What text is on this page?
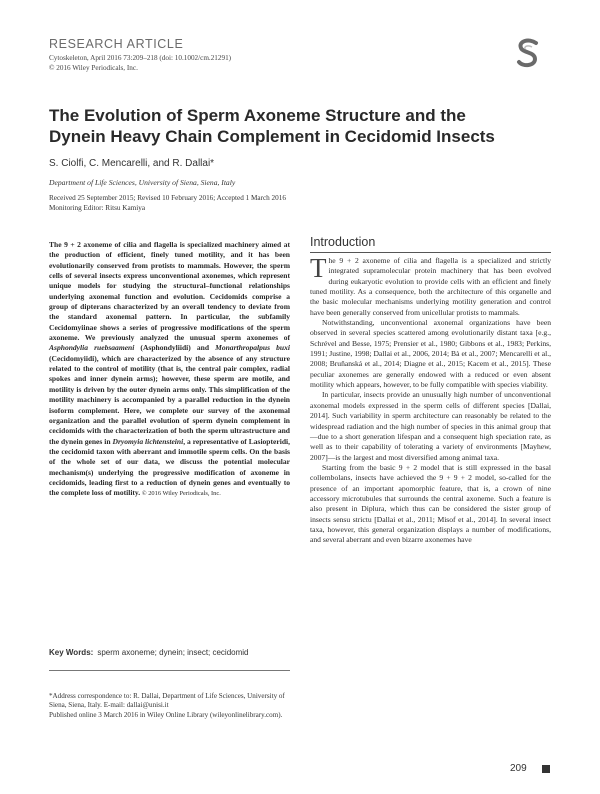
RESEARCH ARTICLE
Cytoskeleton, April 2016 73:209–218 (doi: 10.1002/cm.21291)
© 2016 Wiley Periodicals, Inc.
The Evolution of Sperm Axoneme Structure and the Dynein Heavy Chain Complement in Cecidomid Insects
S. Ciolfi, C. Mencarelli, and R. Dallai*
Department of Life Sciences, University of Siena, Siena, Italy
Received 25 September 2015; Revised 10 February 2016; Accepted 1 March 2016
Monitoring Editor: Ritsu Kamiya
The 9 + 2 axoneme of cilia and flagella is specialized machinery aimed at the production of efficient, finely tuned motility, and it has been evolutionarily conserved from protists to mammals. However, the sperm cells of several insects express unconventional axonemes, which represent unique models for studying the structural–functional relationships underlying axonemal function and evolution. Cecidomids comprise a group of dipterans characterized by an overall tendency to deviate from the standard axonemal pattern. In particular, the subfamily Cecidomyiinae shows a series of progressive modifications of the sperm axoneme. We previously analyzed the unusual sperm axonemes of Asphondylia ruebsaameni (Asphondyliidi) and Monarthropalpus buxi (Cecidomyiidi), which are characterized by the absence of any structure related to the control of motility (that is, the central pair complex, radial spokes and inner dynein arms); however, these sperm are motile, and motility is driven by the outer dynein arms only. This simplification of the motility machinery is accompanied by a parallel reduction in the dynein isoform complement. Here, we complete our survey of the axonemal organization and the parallel evolution of sperm dynein complement in cecidomids with the characterization of both the sperm ultrastructure and the dynein genes in Dryomyia lichtensteini, a representative of Lasiopteridi, the cecidomid taxon with aberrant and immotile sperm cells. On the basis of the whole set of our data, we discuss the potential molecular mechanism(s) underlying the progressive modification of axoneme in cecidomids, leading first to a reduction of dynein genes and eventually to the complete loss of motility. © 2016 Wiley Periodicals, Inc.
Key Words: sperm axoneme; dynein; insect; cecidomid
*Address correspondence to: R. Dallai, Department of Life Sciences, University of Siena, Siena, Italy. E-mail: dallai@unisi.it
Published online 3 March 2016 in Wiley Online Library (wileyonlinelibrary.com).
Introduction

The 9 + 2 axoneme of cilia and flagella is a specialized and strictly integrated supramolecular protein machinery that has been evolved during eukaryotic evolution to provide cells with an efficient and finely tuned motility. As a consequence, both the architecture of this organelle and the basic molecular mechanisms underlying motility generation and control have been generally conserved from unicellular protists to mammals.

Notwithstanding, unconventional axonemal organizations have been observed in several species scattered among evolutionarily distant taxa [e.g., Schrével and Besse, 1975; Prensier et al., 1980; Gibbons et al., 1983; Perkins, 1991; Justine, 1998; Dallai et al., 2006, 2014; Bà et al., 2007; Mencarelli et al., 2008; Bruňanská et al., 2014; Diagne et al., 2015; Kacem et al., 2015]. These peculiar axonemes are generally endowed with a reduced or even absent motility which appears, however, to be fully compatible with species viability.

In particular, insects provide an unusually high number of unconventional axonemal models expressed in the sperm cells of different species [Dallai, 2014]. Such variability in sperm architecture can reasonably be related to the widespread radiation and the high number of species in this animal group that—due to a short generation lifespan and a consequent high speciation rate, as well as to their capability of tolerating a variety of environments [Mayhew, 2007]—is the largest and most diversified among animal taxa.

Starting from the basic 9 + 2 model that is still expressed in the basal collembolans, insects have achieved the 9 + 9 + 2 model, so-called for the presence of an important apomorphic feature, that is, a crown of nine accessory microtubules that surrounds the central axoneme. Such a feature is also present in Diplura, which thus can be considered the sister group of insects sensu strictu [Dallai et al., 2011; Misof et al., 2014]. In several insect taxa, however, this general organization displays a number of modifications, and several aberrant and even bizarre axonemes have

209
